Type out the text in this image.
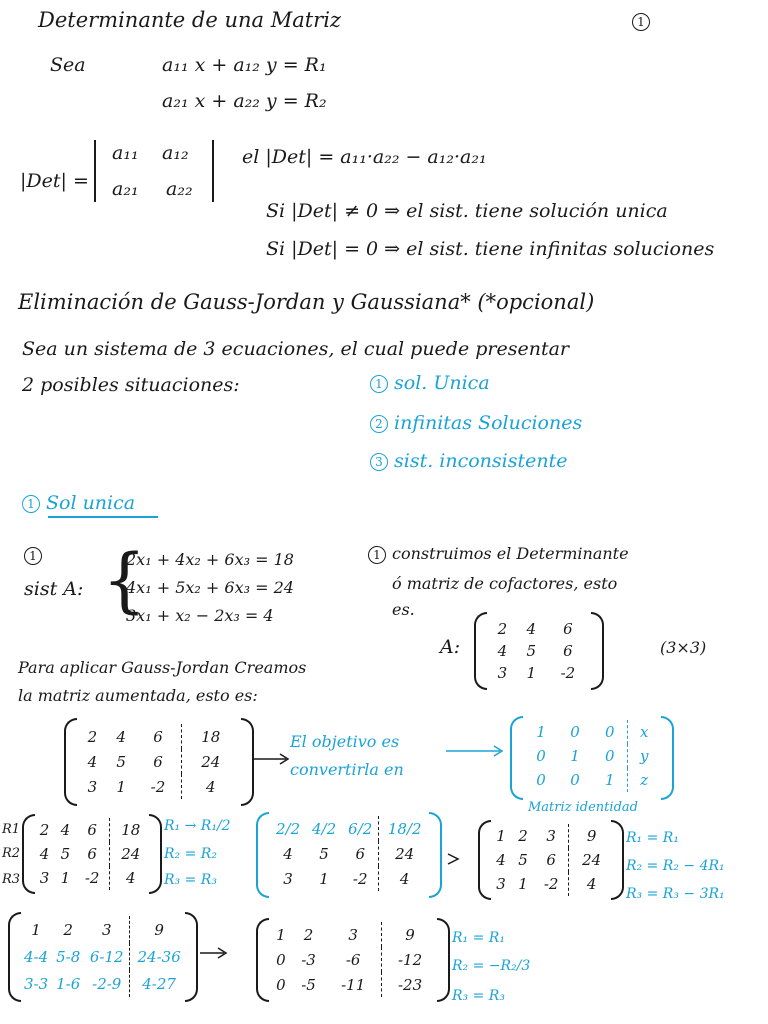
Determinante de una Matriz	1
Sea	a₁₁ x + a₁₂ y = R₁
a₂₁ x + a₂₂ y = R₂
|Det| =
a₁₁ a₁₂
a₂₁ a₂₂
el |Det| = a₁₁·a₂₂ − a₁₂·a₂₁
Si |Det| ≠ 0 ⇒ el sist. tiene solución unica
Si |Det| = 0 ⇒ el sist. tiene infinitas soluciones
Eliminación de Gauss-Jordan y Gaussiana* (*opcional)
Sea un sistema de 3 ecuaciones, el cual puede presentar
2 posibles situaciones:	1 sol. Unica
2 infinitas Soluciones
3 sist. inconsistente
1 Sol unica
1
sist A: {
2x₁ + 4x₂ + 6x₃ = 18
4x₁ + 5x₂ + 6x₃ = 24
3x₁ + x₂ − 2x₃ = 4
1 construimos el Determinante
ó matriz de cofactores, esto
es.
A:
2	4	6
4	5	6
3	1	-2
(3×3)
Para aplicar Gauss-Jordan Creamos
la matriz aumentada, esto es:
2	4	6	18
4	5	6	24
3	1	-2	4
El objetivo es
convertirla en
1	0	0	x
0	1	0	y
0	0	1	z
Matriz identidad
R1
R2
R3
2	4	6	18
4	5	6	24
3	1	-2	4
R₁ → R₁/2
R₂ = R₂
R₃ = R₃
2/2	4/2	6/2	18/2
4	5	6	24
3	1	-2	4
1	2	3	9
4	5	6	24
3	1	-2	4
R₁ = R₁
R₂ = R₂ − 4R₁
R₃ = R₃ − 3R₁
1	2	3	9
4-4	5-8	6-12	24-36
3-3	1-6	-2-9	4-27
1	2	3	9
0	-3	-6	-12
0	-5	-11	-23
R₁ = R₁
R₂ = −R₂/3
R₃ = R₃
